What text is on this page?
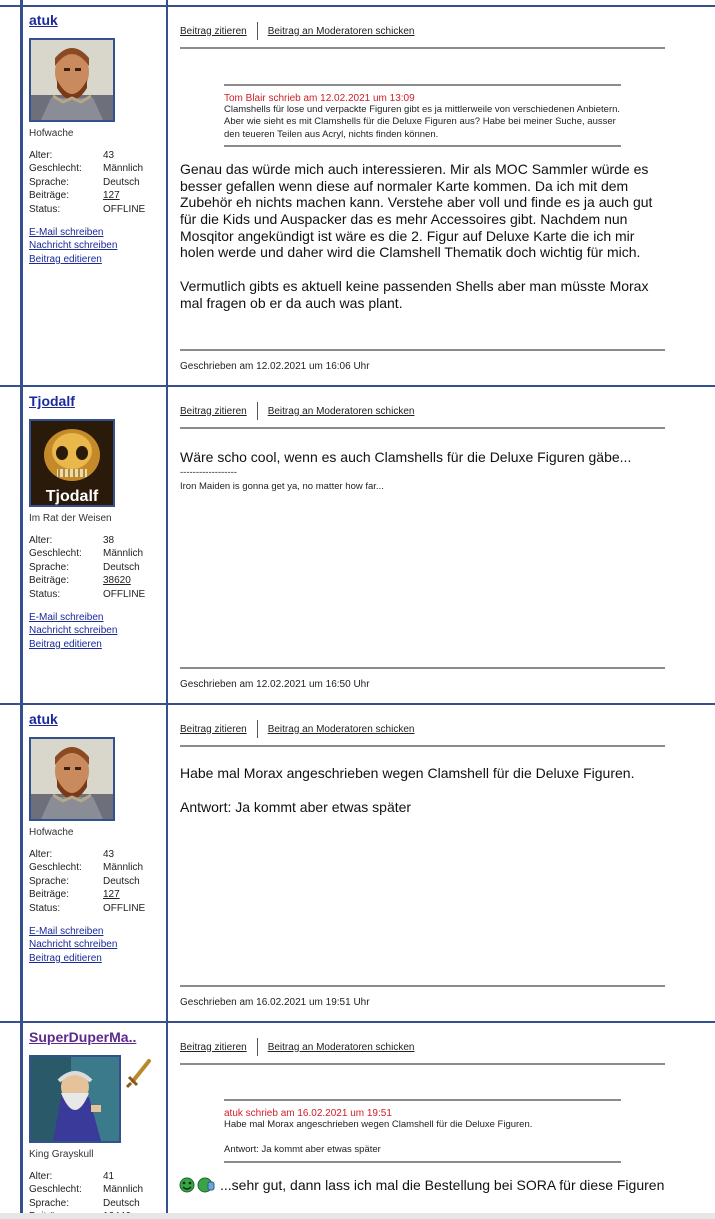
atuk
Hofwache
Alter:	43
Geschlecht:	Männlich
Sprache:	Deutsch
Beiträge:	127
Status:	OFFLINE
E-Mail schreiben
Nachricht schreiben
Beitrag editieren
Beitrag zitieren Beitrag an Moderatoren schicken
Tom Blair schrieb am 12.02.2021 um 13:09
Clamshells für lose und verpackte Figuren gibt es ja mittlerweile von verschiedenen Anbietern. Aber wie sieht es mit Clamshells für die Deluxe Figuren aus? Habe bei meiner Suche, ausser den teueren Teilen aus Acryl, nichts finden können.

Genau das würde mich auch interessieren. Mir als MOC Sammler würde es besser gefallen wenn diese auf normaler Karte kommen. Da ich mit dem Zubehör eh nichts machen kann. Verstehe aber voll und finde es ja auch gut für die Kids und Auspacker das es mehr Accessoires gibt. Nachdem nun Mosqitor angekündigt ist wäre es die 2. Figur auf Deluxe Karte die ich mir holen werde und daher wird die Clamshell Thematik doch wichtig für mich.

Vermutlich gibts es aktuell keine passenden Shells aber man müsste Morax mal fragen ob er da auch was plant.

Geschrieben am 12.02.2021 um 16:06 Uhr
Tjodalf
Tjodalf
Im Rat der Weisen
Alter:	38
Geschlecht:	Männlich
Sprache:	Deutsch
Beiträge:	38620
Status:	OFFLINE
E-Mail schreiben
Nachricht schreiben
Beitrag editieren
Beitrag zitieren Beitrag an Moderatoren schicken

Wäre scho cool, wenn es auch Clamshells für die Deluxe Figuren gäbe...

------------------
Iron Maiden is gonna get ya, no matter how far...
Geschrieben am 12.02.2021 um 16:50 Uhr
atuk
Hofwache
Alter:	43
Geschlecht:	Männlich
Sprache:	Deutsch
Beiträge:	127
Status:	OFFLINE
E-Mail schreiben
Nachricht schreiben
Beitrag editieren
Beitrag zitieren Beitrag an Moderatoren schicken

Habe mal Morax angeschrieben wegen Clamshell für die Deluxe Figuren.

Antwort: Ja kommt aber etwas später

Geschrieben am 16.02.2021 um 19:51 Uhr
SuperDuperMa..
King Grayskull
Alter:	41
Geschlecht:	Männlich
Sprache:	Deutsch
Beitrag zitieren Beitrag an Moderatoren schicken
atuk schrieb am 16.02.2021 um 19:51
Habe mal Morax angeschrieben wegen Clamshell für die Deluxe Figuren.
Antwort: Ja kommt aber etwas später
...sehr gut, dann lass ich mal die Bestellung bei SORA für diese Figuren
